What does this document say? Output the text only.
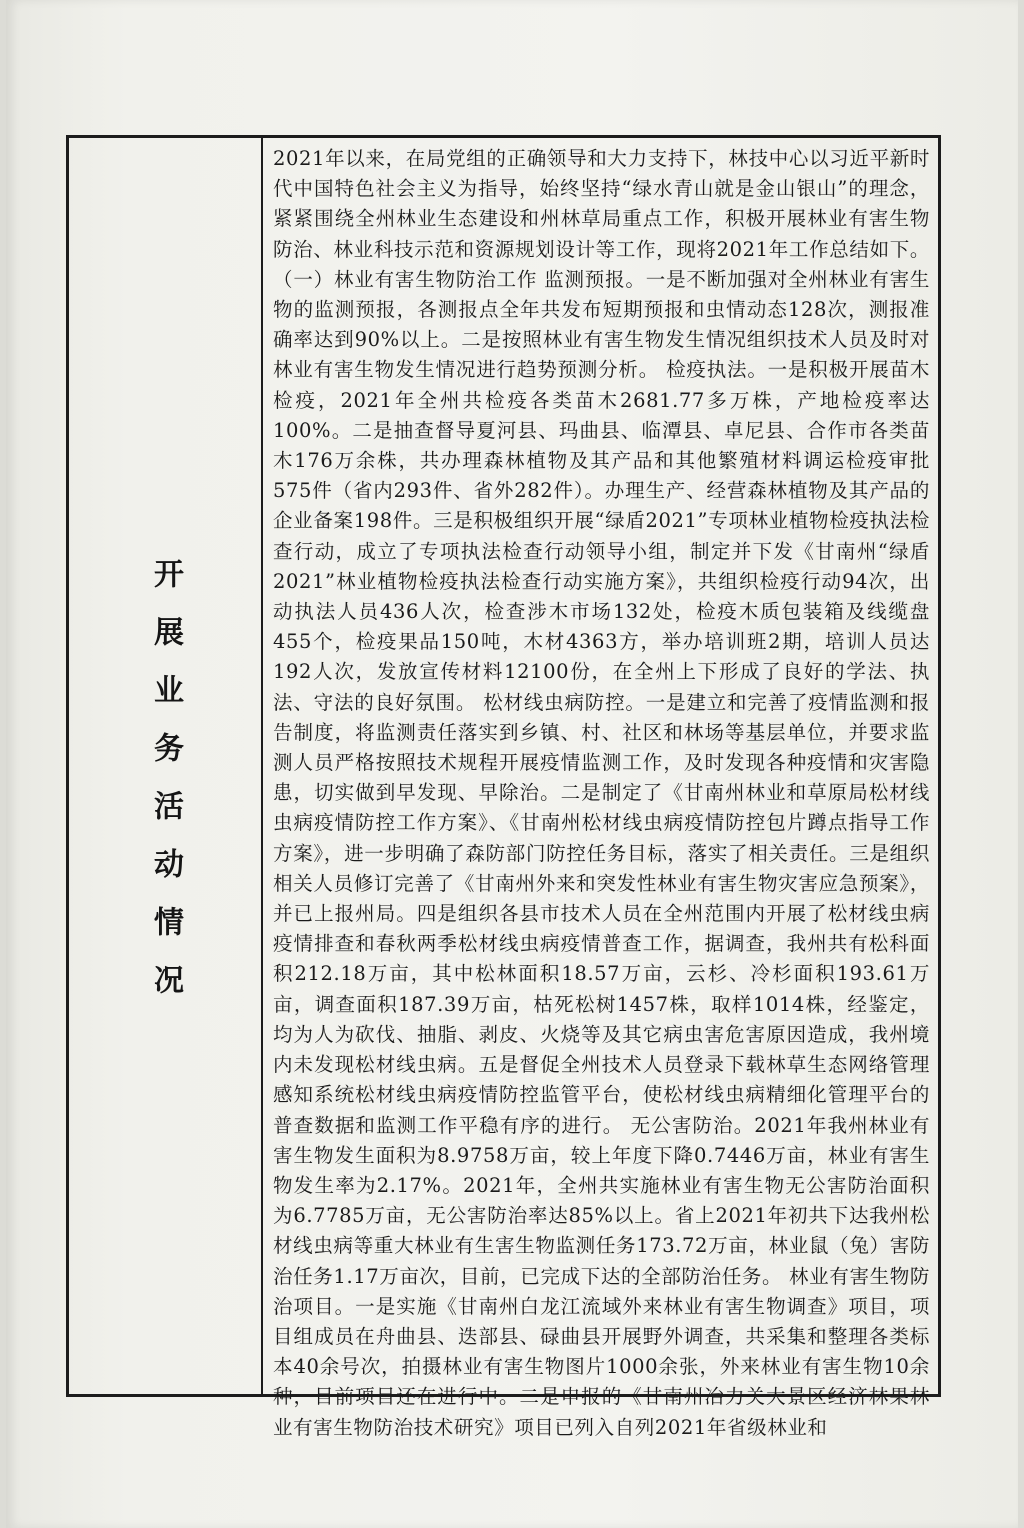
开展业务活动情况

2021年以来，在局党组的正确领导和大力支持下，林技中心以习近平新时代中国特色社会主义为指导，始终坚持“绿水青山就是金山银山”的理念，紧紧围绕全州林业生态建设和州林草局重点工作，积极开展林业有害生物防治、林业科技示范和资源规划设计等工作，现将2021年工作总结如下。（一）林业有害生物防治工作 监测预报。一是不断加强对全州林业有害生物的监测预报，各测报点全年共发布短期预报和虫情动态128次，测报准确率达到90%以上。二是按照林业有害生物发生情况组织技术人员及时对林业有害生物发生情况进行趋势预测分析。 检疫执法。一是积极开展苗木检疫，2021年全州共检疫各类苗木2681.77多万株，产地检疫率达100%。二是抽查督导夏河县、玛曲县、临潭县、卓尼县、合作市各类苗木176万余株，共办理森林植物及其产品和其他繁殖材料调运检疫审批575件（省内293件、省外282件）。办理生产、经营森林植物及其产品的企业备案198件。三是积极组织开展“绿盾2021”专项林业植物检疫执法检查行动，成立了专项执法检查行动领导小组，制定并下发《甘南州“绿盾2021”林业植物检疫执法检查行动实施方案》，共组织检疫行动94次，出动执法人员436人次，检查涉木市场132处，检疫木质包装箱及线缆盘455个，检疫果品150吨，木材4363方，举办培训班2期，培训人员达192人次，发放宣传材料12100份，在全州上下形成了良好的学法、执法、守法的良好氛围。 松材线虫病防控。一是建立和完善了疫情监测和报告制度，将监测责任落实到乡镇、村、社区和林场等基层单位，并要求监测人员严格按照技术规程开展疫情监测工作，及时发现各种疫情和灾害隐患，切实做到早发现、早除治。二是制定了《甘南州林业和草原局松材线虫病疫情防控工作方案》、《甘南州松材线虫病疫情防控包片蹲点指导工作方案》，进一步明确了森防部门防控任务目标，落实了相关责任。三是组织相关人员修订完善了《甘南州外来和突发性林业有害生物灾害应急预案》，并已上报州局。四是组织各县市技术人员在全州范围内开展了松材线虫病疫情排查和春秋两季松材线虫病疫情普查工作，据调查，我州共有松科面积212.18万亩，其中松林面积18.57万亩，云杉、冷杉面积193.61万亩，调查面积187.39万亩，枯死松树1457株，取样1014株，经鉴定，均为人为砍伐、抽脂、剥皮、火烧等及其它病虫害危害原因造成，我州境内未发现松材线虫病。五是督促全州技术人员登录下载林草生态网络管理感知系统松材线虫病疫情防控监管平台，使松材线虫病精细化管理平台的普查数据和监测工作平稳有序的进行。 无公害防治。2021年我州林业有害生物发生面积为8.9758万亩，较上年度下降0.7446万亩，林业有害生物发生率为2.17%。2021年，全州共实施林业有害生物无公害防治面积为6.7785万亩，无公害防治率达85%以上。省上2021年初共下达我州松材线虫病等重大林业有生害生物监测任务173.72万亩，林业鼠（兔）害防治任务1.17万亩次，目前，已完成下达的全部防治任务。 林业有害生物防治项目。一是实施《甘南州白龙江流域外来林业有害生物调查》项目，项目组成员在舟曲县、迭部县、碌曲县开展野外调查，共采集和整理各类标本40余号次，拍摄林业有害生物图片1000余张，外来林业有害生物10余种，目前项目还在进行中。二是申报的《甘南州冶力关大景区经济林果林业有害生物防治技术研究》项目已列入自列2021年省级林业和
